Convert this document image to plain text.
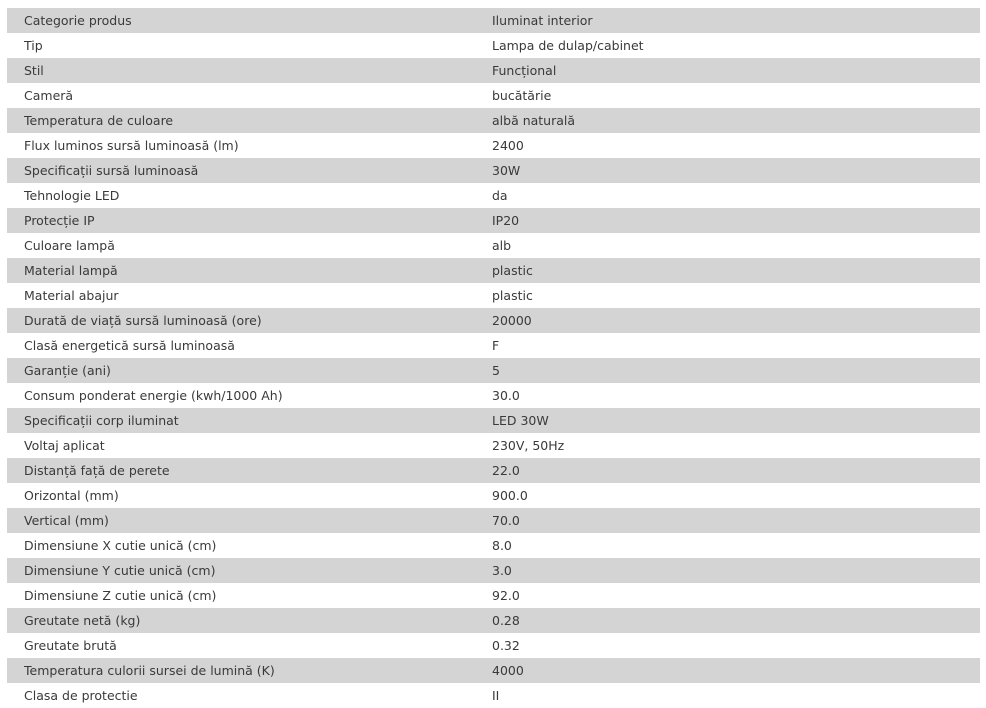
Categorie produs	Iluminat interior
Tip	Lampa de dulap/cabinet
Stil	Funcțional
Cameră	bucătărie
Temperatura de culoare	albă naturală
Flux luminos sursă luminoasă (lm)	2400
Specificații sursă luminoasă	30W
Tehnologie LED	da
Protecție IP	IP20
Culoare lampă	alb
Material lampă	plastic
Material abajur	plastic
Durată de viață sursă luminoasă (ore)	20000
Clasă energetică sursă luminoasă	F
Garanție (ani)	5
Consum ponderat energie (kwh/1000 Ah)	30.0
Specificații corp iluminat	LED 30W
Voltaj aplicat	230V, 50Hz
Distanță față de perete	22.0
Orizontal (mm)	900.0
Vertical (mm)	70.0
Dimensiune X cutie unică (cm)	8.0
Dimensiune Y cutie unică (cm)	3.0
Dimensiune Z cutie unică (cm)	92.0
Greutate netă (kg)	0.28
Greutate brută	0.32
Temperatura culorii sursei de lumină (K)	4000
Clasa de protectie	II
